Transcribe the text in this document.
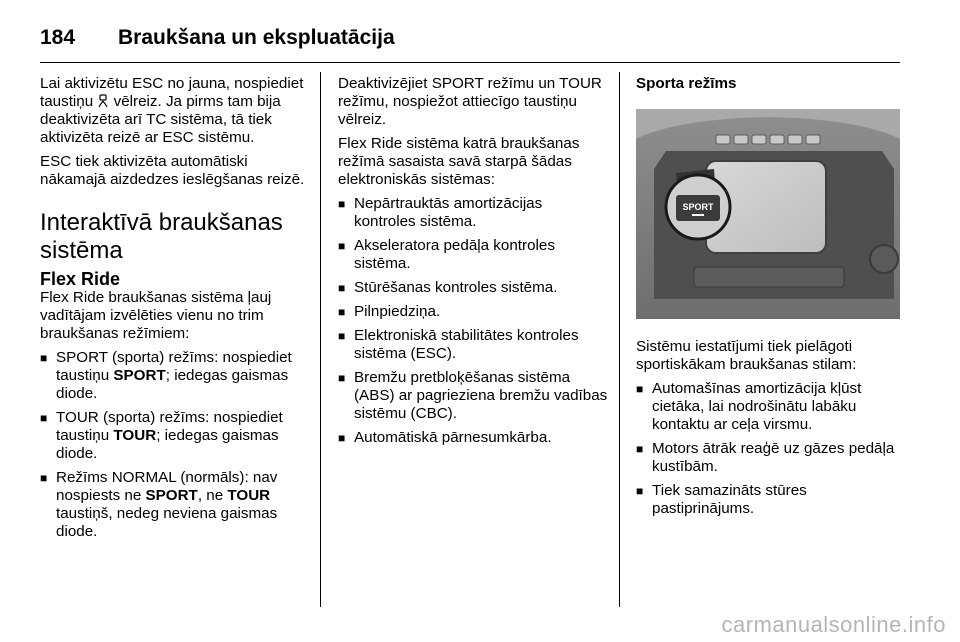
184	Braukšana un ekspluatācija

Lai aktivizētu ESC no jauna, nospiediet taustiņu  vēlreiz. Ja pirms tam bija deaktivizēta arī TC sistēma, tā tiek aktivizēta reizē ar ESC sistēmu.

ESC tiek aktivizēta automātiski nākamajā aizdedzes ieslēgšanas reizē.

Interaktīvā braukšanas sistēma
Flex Ride

Flex Ride braukšanas sistēma ļauj vadītājam izvēlēties vienu no trim braukšanas režīmiem:

■ SPORT (sporta) režīms: nospiediet taustiņu SPORT; iedegas gaismas diode.
■ TOUR (sporta) režīms: nospiediet taustiņu TOUR; iedegas gaismas diode.
■ Režīms NORMAL (normāls): nav nospiests ne SPORT, ne TOUR taustiņš, nedeg neviena gaismas diode.

Deaktivizējiet SPORT režīmu un TOUR režīmu, nospiežot attiecīgo taustiņu vēlreiz.

Flex Ride sistēma katrā braukšanas režīmā sasaista savā starpā šādas elektroniskās sistēmas:

■ Nepārtrauktās amortizācijas kontroles sistēma.
■ Akseleratora pedāļa kontroles sistēma.
■ Stūrēšanas kontroles sistēma.
■ Pilnpiedziņa.
■ Elektroniskā stabilitātes kontroles sistēma (ESC).
■ Bremžu pretbloķēšanas sistēma (ABS) ar pagrieziena bremžu vadības sistēmu (CBC).
■ Automātiskā pārnesumkārba.
Sporta režīms
SPORT

Sistēmu iestatījumi tiek pielāgoti sportiskākam braukšanas stilam:

■ Automašīnas amortizācija kļūst cietāka, lai nodrošinātu labāku kontaktu ar ceļa virsmu.
■ Motors ātrāk reaģē uz gāzes pedāļa kustībām.
■ Tiek samazināts stūres pastiprinājums.
carmanualsonline.info
